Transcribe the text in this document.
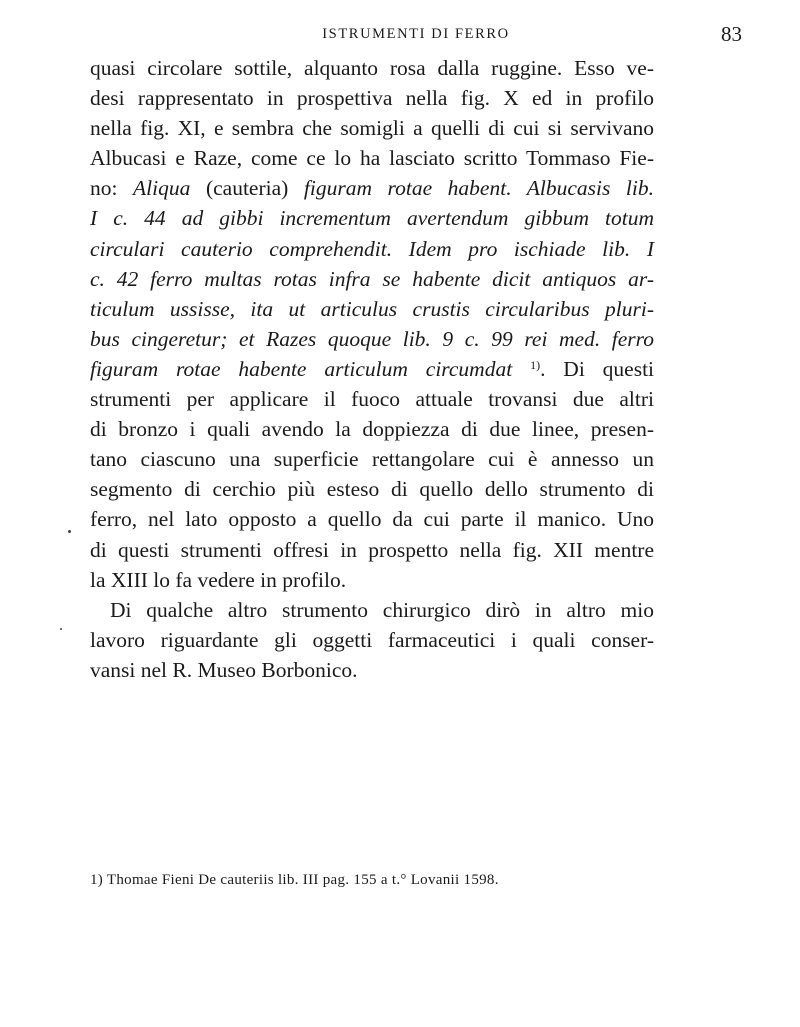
ISTRUMENTI DI FERRO	83
quasi circolare sottile, alquanto rosa dalla ruggine. Esso ve-
desi rappresentato in prospettiva nella fig. X ed in profilo
nella fig. XI, e sembra che somigli a quelli di cui si servivano
Albucasi e Raze, come ce lo ha lasciato scritto Tommaso Fie-
no: Aliqua (cauteria) figuram rotae habent. Albucasis lib.
I c. 44 ad gibbi incrementum avertendum gibbum totum
circulari cauterio comprehendit. Idem pro ischiade lib. I
c. 42 ferro multas rotas infra se habente dicit antiquos ar-
ticulum ussisse, ita ut articulus crustis circularibus pluri-
bus cingeretur; et Razes quoque lib. 9 c. 99 rei med. ferro
figuram rotae habente articulum circumdat $^{1)}$. Di questi
strumenti per applicare il fuoco attuale trovansi due altri
di bronzo i quali avendo la doppiezza di due linee, presen-
tano ciascuno una superficie rettangolare cui è annesso un
segmento di cerchio più esteso di quello dello strumento di
ferro, nel lato opposto a quello da cui parte il manico. Uno
di questi strumenti offresi in prospetto nella fig. XII mentre
la XIII lo fa vedere in profilo.
Di qualche altro strumento chirurgico dirò in altro mio
lavoro riguardante gli oggetti farmaceutici i quali conser-
vansi nel R. Museo Borbonico.
1) Thomae Fieni De cauteriis lib. III pag. 155 a t.° Lovanii 1598.
